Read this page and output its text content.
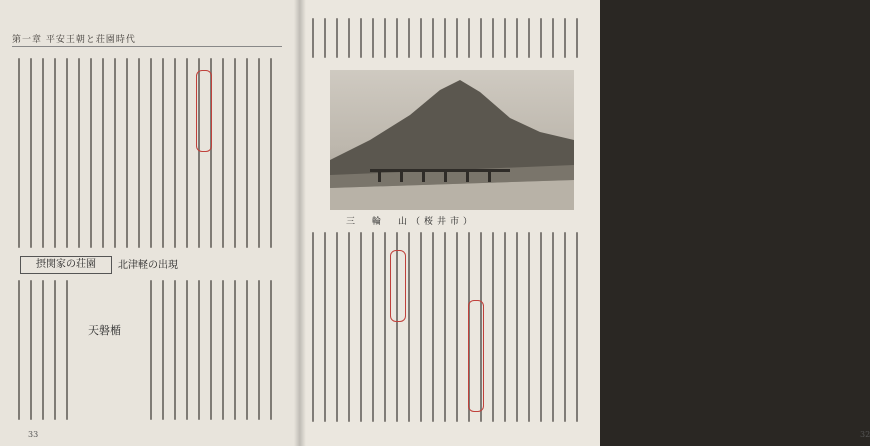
第一章 平安王朝と荘園時代
摂関家の荘園	北津軽の出現
天磐楯
33	32
三　輪　山（桜井市）
